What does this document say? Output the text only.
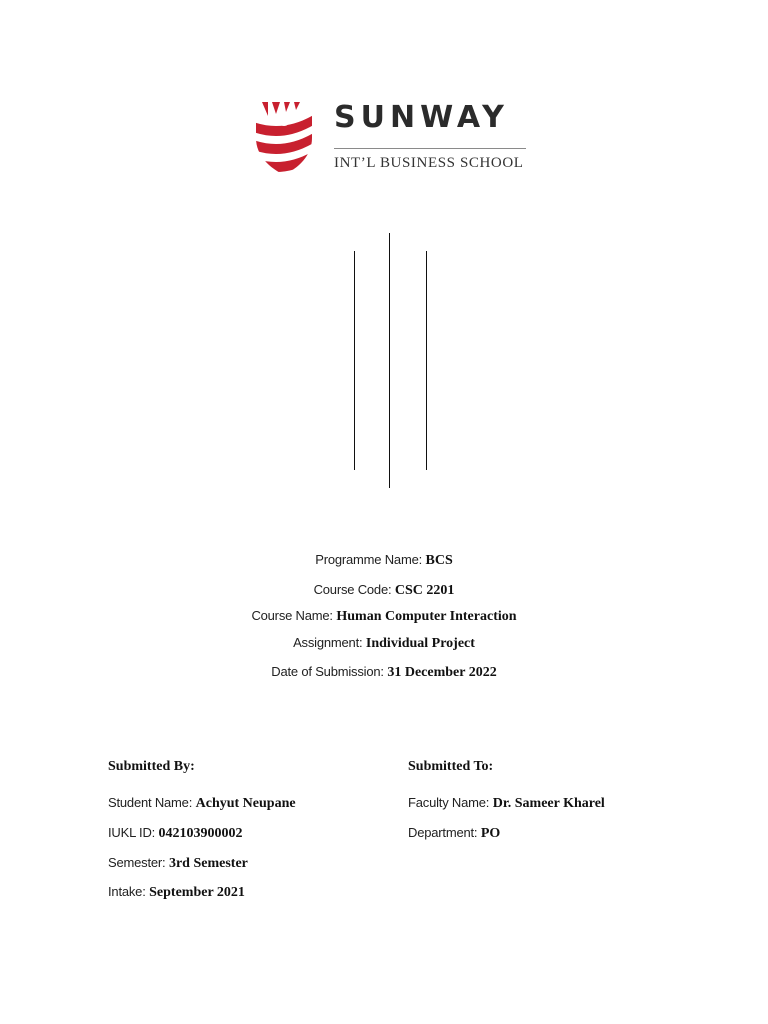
SUNWAY
INT’L BUSINESS SCHOOL
Programme Name: BCS
Course Code: CSC 2201
Course Name: Human Computer Interaction
Assignment: Individual Project
Date of Submission: 31 December 2022
Submitted By:	Submitted To:
Student Name: Achyut Neupane
IUKL ID: 042103900002
Semester: 3rd Semester
Intake: September 2021
Faculty Name: Dr. Sameer Kharel
Department: PO
